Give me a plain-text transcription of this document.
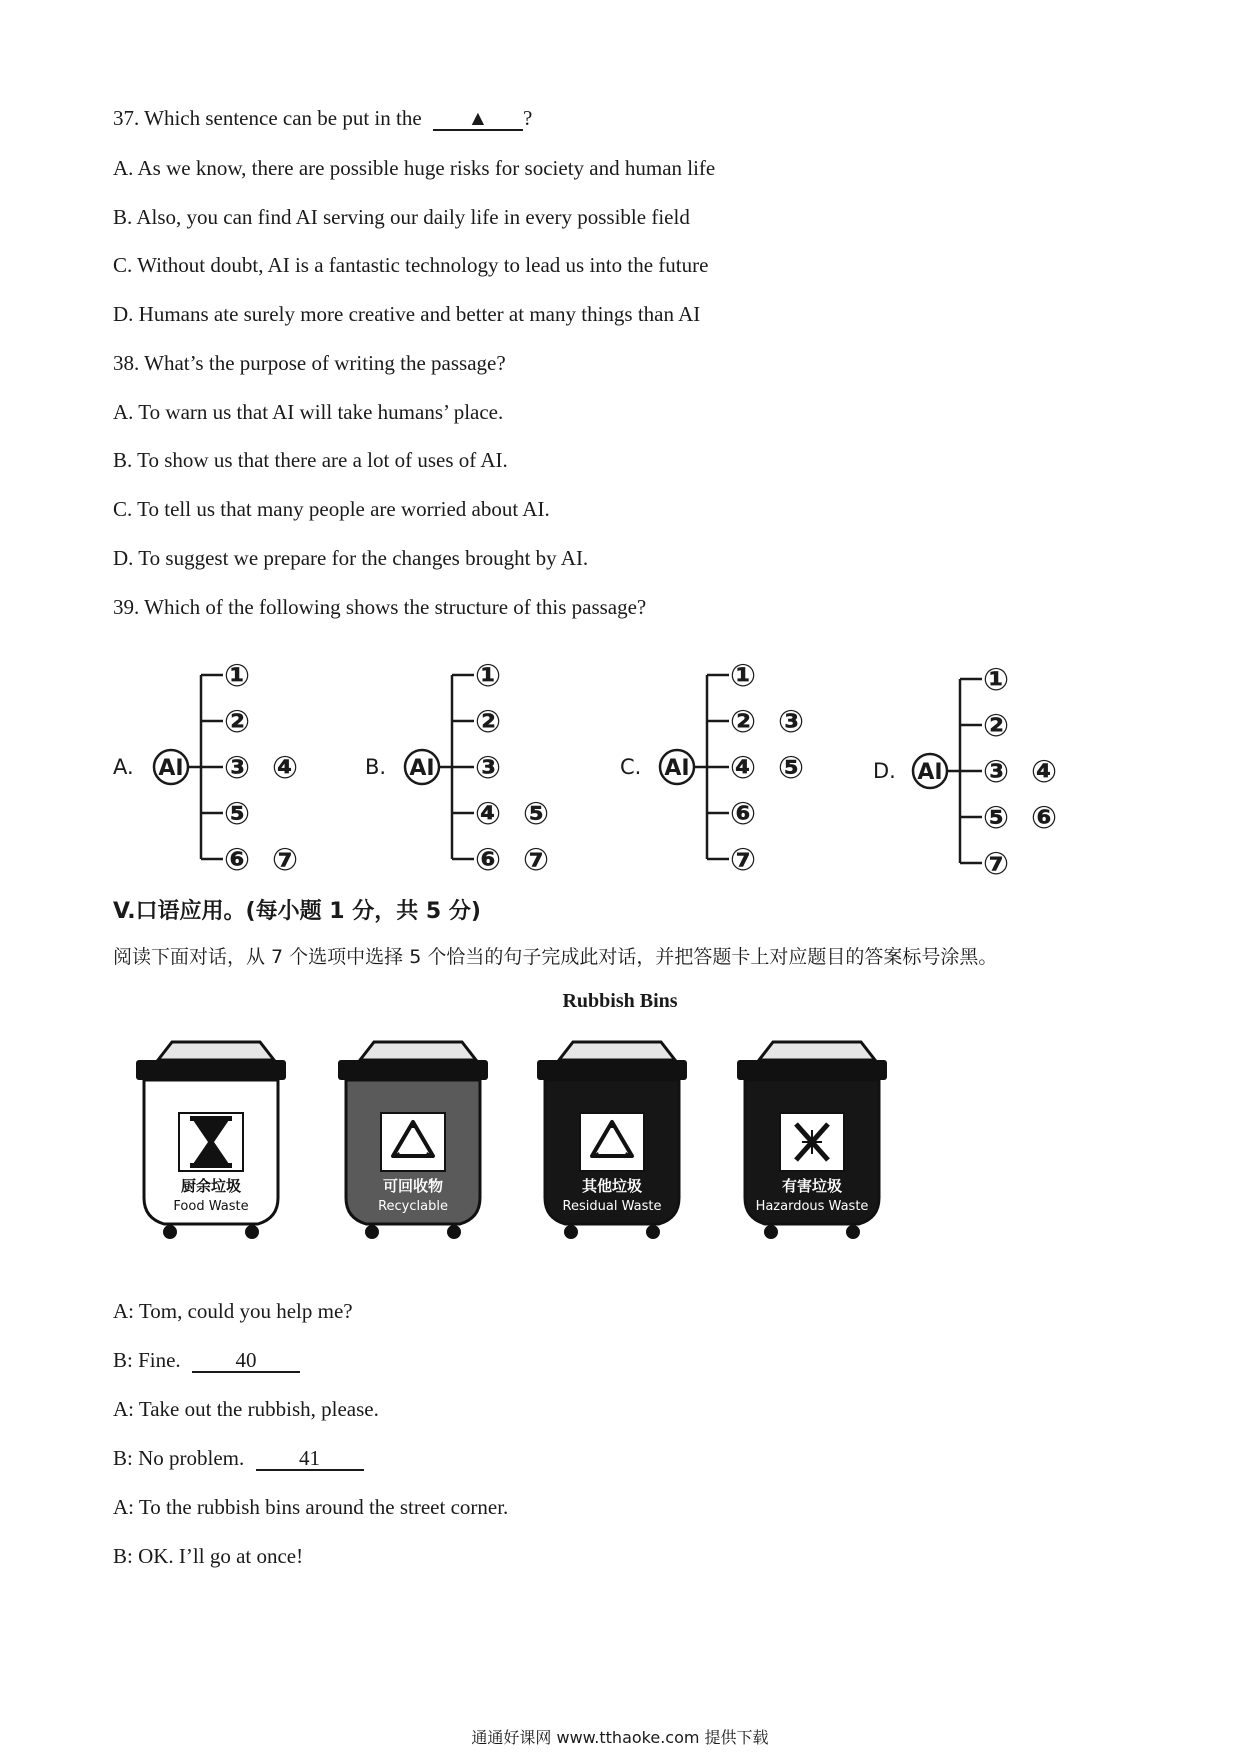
37. Which sentence can be put in the ▲ ?
A. As we know, there are possible huge risks for society and human life
B. Also, you can find AI serving our daily life in every possible field
C. Without doubt, AI is a fantastic technology to lead us into the future
D. Humans ate surely more creative and better at many things than AI
38. What’s the purpose of writing the passage?
A. To warn us that AI will take humans’ place.
B. To show us that there are a lot of uses of AI.
C. To tell us that many people are worried about AI.
D. To suggest we prepare for the changes brought by AI.
39. Which of the following shows the structure of this passage?
A. AI
①
②
③ ④
⑤
⑥ ⑦
B. AI
①
②
③
④ ⑤
⑥ ⑦
C. AI
①
② ③
④ ⑤
⑥
⑦
D. AI
①
②
③ ④
⑤ ⑥
⑦
V.口语应用。(每小题 1 分，共 5 分)
阅读下面对话，从 7 个选项中选择 5 个恰当的句子完成此对话，并把答题卡上对应题目的答案标号涂黑。
Rubbish Bins
厨余垃圾
Food Waste
可回收物
Recyclable
其他垃圾
Residual Waste
有害垃圾
Hazardous Waste
A: Tom, could you help me?
B: Fine.	40
A: Take out the rubbish, please.
B: No problem.	41
A: To the rubbish bins around the street corner.
B: OK. I’ll go at once!
通通好课网 www.tthaoke.com 提供下载
